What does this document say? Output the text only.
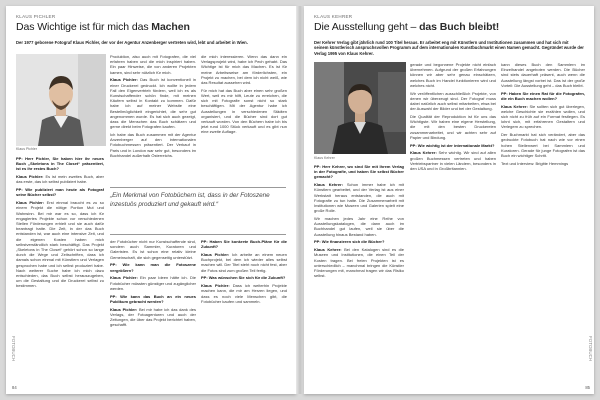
KLAUS PICHLER
Das Wichtige ist für mich das Machen
Der 1977 geborene Fotograf Klaus Pichler, der vor der Agentur Anzenberger vertreten wird, lebt und arbeitet in Wien.
Klaus Pichler

PP: Herr Pichler, Sie haben hier ihr neues Buch „Skeletons in The Closet“ präsentiert, ist es ihr erstes Buch?

Klaus Pichler: Es ist mein zweites Buch, aber das erste, das ich selbst publiziert habe.

PP: Wie publiziert man heute als Fotograf seine Bücher selbst?

Klaus Pichler: Erst einmal braucht es zu so einem Projekt die nötige Portion Mut und Wahnsinn. Bei mir war es so, dass ich für engagiertes Projekte schon vor verschiedenen Stellen Förderungen erhielt und sie auch dafür beantragt hatte. Die Zeit, in der das Buch entstanden ist, war auch eine intensive Zeit, und die eigenen Kosten haben mich selbstverständlich stark beschäftigt. Das Projekt „Skeletons in The Closet“ gehört schon so lange durch die Wege und Zeitschriften, dass ich damals schon einmal mit Künstlern und Verlagen gesprochen habe und ich selbst produziert habe. Nach weiterer Suche habe ich mich dazu entschieden, das Buch selbst herauszugeben, um die Gestaltung und die Druckerei selbst zu bestimmen.

Produktion, also auch mit Fotografen, die viel erfahren haben und die mich inspiriert haben. Ein paar Hinweise, die von anderen Projekten kamen, sind sehr nützlich für mich.

Klaus Pichler: Das Buch ist konventionell in einer Druckerei gedruckt. Ich wollte in jedem Fall den Eigenvertrieb fördern, weil ich es als Kunstschaffender schön finde, mit meinen Käufern selbst in Kontakt zu kommen. Dafür habe ich auf meiner Website eine Bestellmöglichkeit eingerichtet, die sehr gut angenommen wurde. Es hat sich auch gezeigt, dass die Menschen das Buch schätzen und gerne direkt beim Fotografen kaufen.

Ich habe das Buch zusammen mit der Agentur Anzenberger auf den internationalen Fotobuchmessen präsentiert. Der Verkauf in Paris und in London war sehr gut, besonders im Buchhandel außerhalb Österreichs.

die mich interessieren. Wenn das dann ein Verlagsprojekt wird, habe ich Pech gehabt. Das Wichtige ist für mich das Machen. Es ist für meine Arbeitsweise am förderlichsten, ein Projekt zu machen, bei dem ich nicht weiß, wie das Resultat aussehen wird.

Für mich hat das Buch aber einen sehr großen Wert, weil es mir hilft, Leute zu erreichen, die sich mit Fotografie sonst nicht so stark beschäftigen. Mit der Agentur habe ich Ausstellungen in verschiedenen Städten organisiert, und die Bücher sind dort gut verkauft worden. Von den Büchern habe ich bis jetzt rund 1000 Stück verkauft und es gibt nun eine zweite Auflage.

„Ein Merkmal von Fotobüchern ist, dass in der Fotoszene inzestuös produziert und gekauft wird.“

der Fotobücher nicht nur Kunstschaffende sind, sondern auch Sammler, Kuratoren und Galeristen. Es ist schon eine relativ kleine Gemeinschaft, die sich gegenseitig unterstützt.

PP: Wie kann man die Fotoszene vergrößern?

Klaus Pichler: Ein paar Ideen hätte ich. Die Fotobücher müssten günstiger und zugänglicher werden.

PP: Wie kann das Buch an ein neues Publikum gebracht werden?

Klaus Pichler: Bei mir habe ich das dank des Verlags, der Fotoagenturen und auch der Zeitungen, die über das Projekt berichtet haben, geschafft.

PP: Haben Sie konkrete Buch-Pläne für die Zukunft?

Klaus Pichler: Ich arbeite an einem neuen Buchprojekt, bei dem ich wieder alles selbst machen will. Der Titel steht noch nicht fest, aber die Fotos sind zum großen Teil fertig.

PP: Was wünschen Sie sich für die Zukunft?

Klaus Pichler: Dass ich weiterhin Projekte machen kann, die mir am Herzen liegen, und dass es noch viele Menschen gibt, die Fotobücher kaufen und sammeln.

FOTOBUCH
84
KLAUS KEHRER
Die Ausstellung geht – das Buch bleibt!
Der Kehrer Verlag gibt jährlich rund 100 Titel heraus. Er arbeitet eng mit Künstlern und Institutionen zusammen und hat sich mit seinem künstlerisch anspruchsvollen Programm auf dem internationalen Kunstbuchmarkt einen Namen gemacht. Gegründet wurde der Verlag 1995 von Klaus Kehrer.
Klaus Kehrer

PP: Herr Kehrer, wo sind Sie mit Ihrem Verlag in der Fotografie, und haben Sie selbst Bücher gemacht?

Klaus Kehrer: Schon immer habe ich mit Künstlern gearbeitet, und der Verlag ist aus einer Werkstatt heraus entstanden, die auch mit Fotografie zu tun hatte. Die Zusammenarbeit mit Institutionen wie Museen und Galerien spielt eine große Rolle.

Wir machen jedes Jahr eine Reihe von Ausstellungskatalogen, die dann auch im Buchhandel gut laufen, weil sie über die Ausstellung hinaus Bestand haben.

PP: Wie finanzieren sich die Bücher?

Klaus Kehrer: Bei den Katalogen sind es die Museen und Institutionen, die einen Teil der Kosten tragen. Bei freien Projekten ist es unterschiedlich – manchmal bringen die Künstler Förderungen mit, manchmal tragen wir das Risiko selbst.

gerade und begonnene Projekte nicht einfach übernehmen. Aufgrund der großen Erfahrungen können wir aber sehr genau einschätzen, welches Buch im Handel funktionieren wird und welches nicht.

Wir veröffentlichen ausschließlich Projekte, von denen wir überzeugt sind. Der Fotograf muss dabei natürlich auch selbst mitarbeiten, etwa bei der Auswahl der Bilder und bei der Gestaltung.

Die Qualität der Reproduktion ist für uns das Wichtigste. Wir haben eine eigene Herstellung, die mit den besten Druckereien zusammenarbeitet, und wir achten sehr auf Papier und Bindung.

PP: Wie wichtig ist der internationale Markt?

Klaus Kehrer: Sehr wichtig. Wir sind auf allen großen Buchmessen vertreten und haben Vertriebspartner in vielen Ländern, besonders in den USA und in Großbritannien.

kann dieses Buch den Sammlern im Einzelhandel angeboten werden. Die Bücher sind stets dauerhaft präsent, auch wenn die Ausstellung längst vorbei ist. Das ist der große Vorteil: Die Ausstellung geht – das Buch bleibt.

PP: Haben Sie einen Rat für die Fotografen, die ein Buch machen wollen?

Klaus Kehrer: Sie sollten sich gut überlegen, welche Geschichte sie erzählen wollen, und sich nicht zu früh auf ein Format festlegen. Es lohnt sich, mit erfahrenen Gestaltern und Verlegern zu sprechen.

Der Buchmarkt hat sich verändert, aber das gedruckte Fotobuch hat nach wie vor einen hohen Stellenwert bei Sammlern und Kuratoren. Gerade für junge Fotografen ist das Buch ein wichtiger Schritt.

Text und Interview: Brigitte Hemmings

FOTOBUCH
85
